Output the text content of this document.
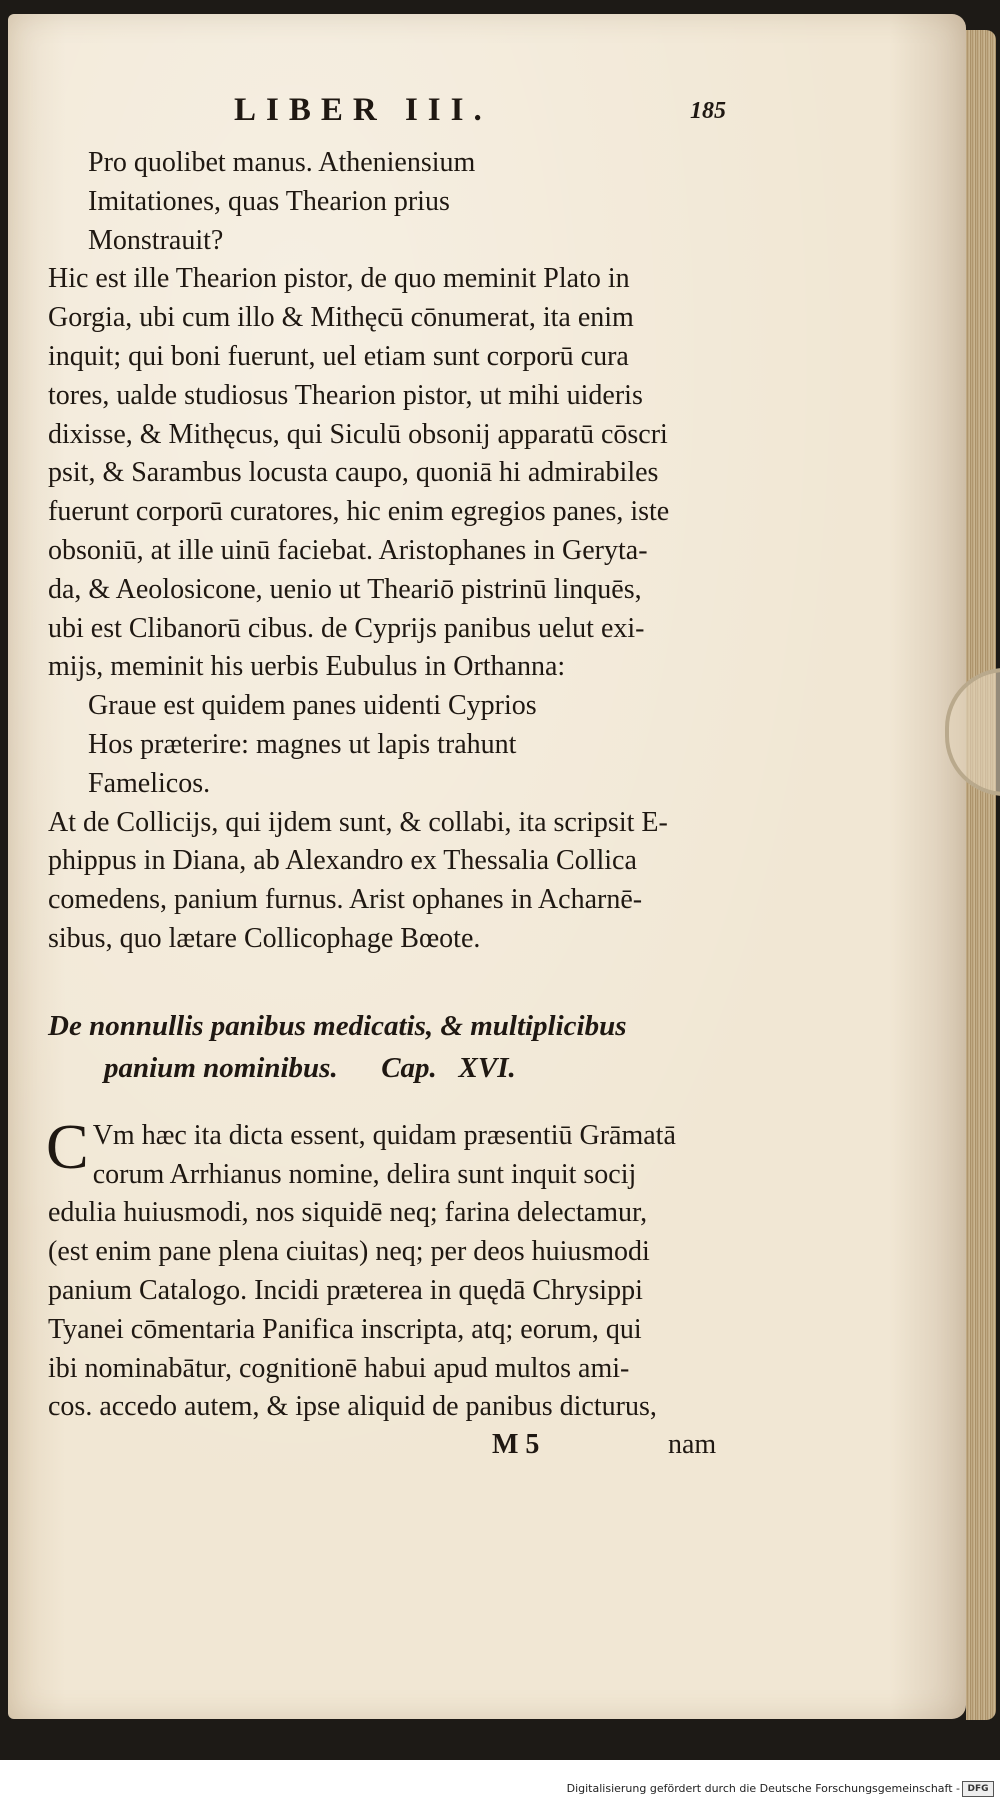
LIBER III.	185
Pro quolibet manus. Atheniensium
Imitationes, quas Thearion prius
Monstrauit?
Hic est ille Thearion pistor, de quo meminit Plato in
Gorgia, ubi cum illo & Mithęcū cōnumerat, ita enim
inquit; qui boni fuerunt, uel etiam sunt corporū cura
tores, ualde studiosus Thearion pistor, ut mihi uideris
dixisse, & Mithęcus, qui Siculū obsonij apparatū cōscri
psit, & Sarambus locusta caupo, quoniā hi admirabiles
fuerunt corporū curatores, hic enim egregios panes, iste
obsoniū, at ille uinū faciebat. Aristophanes in Geryta-
da, & Aeolosicone, uenio ut Theariō pistrinū linquēs,
ubi est Clibanorū cibus. de Cyprijs panibus uelut exi-
mijs, meminit his uerbis Eubulus in Orthanna:
Graue est quidem panes uidenti Cyprios
Hos præterire: magnes ut lapis trahunt
Famelicos.
At de Collicijs, qui ijdem sunt, & collabi, ita scripsit E-
phippus in Diana, ab Alexandro ex Thessalia Collica
comedens, panium furnus. Arist ophanes in Acharnē-
sibus, quo lætare Collicophage Bœote.
De nonnullis panibus medicatis, & multiplicibus
panium nominibus.      Cap.   XVI.
C Vm hæc ita dicta essent, quidam præsentiū Grāmatā
corum Arrhianus nomine, delira sunt inquit socij
edulia huiusmodi, nos siquidē neq; farina delectamur,
(est enim pane plena ciuitas) neq; per deos huiusmodi
panium Catalogo. Incidi præterea in quędā Chrysippi
Tyanei cōmentaria Panifica inscripta, atq; eorum, qui
ibi nominabātur, cognitionē habui apud multos ami-
cos. accedo autem, & ipse aliquid de panibus dicturus,
M 5	nam
Digitalisierung gefördert durch die Deutsche Forschungsgemeinschaft - DFG
